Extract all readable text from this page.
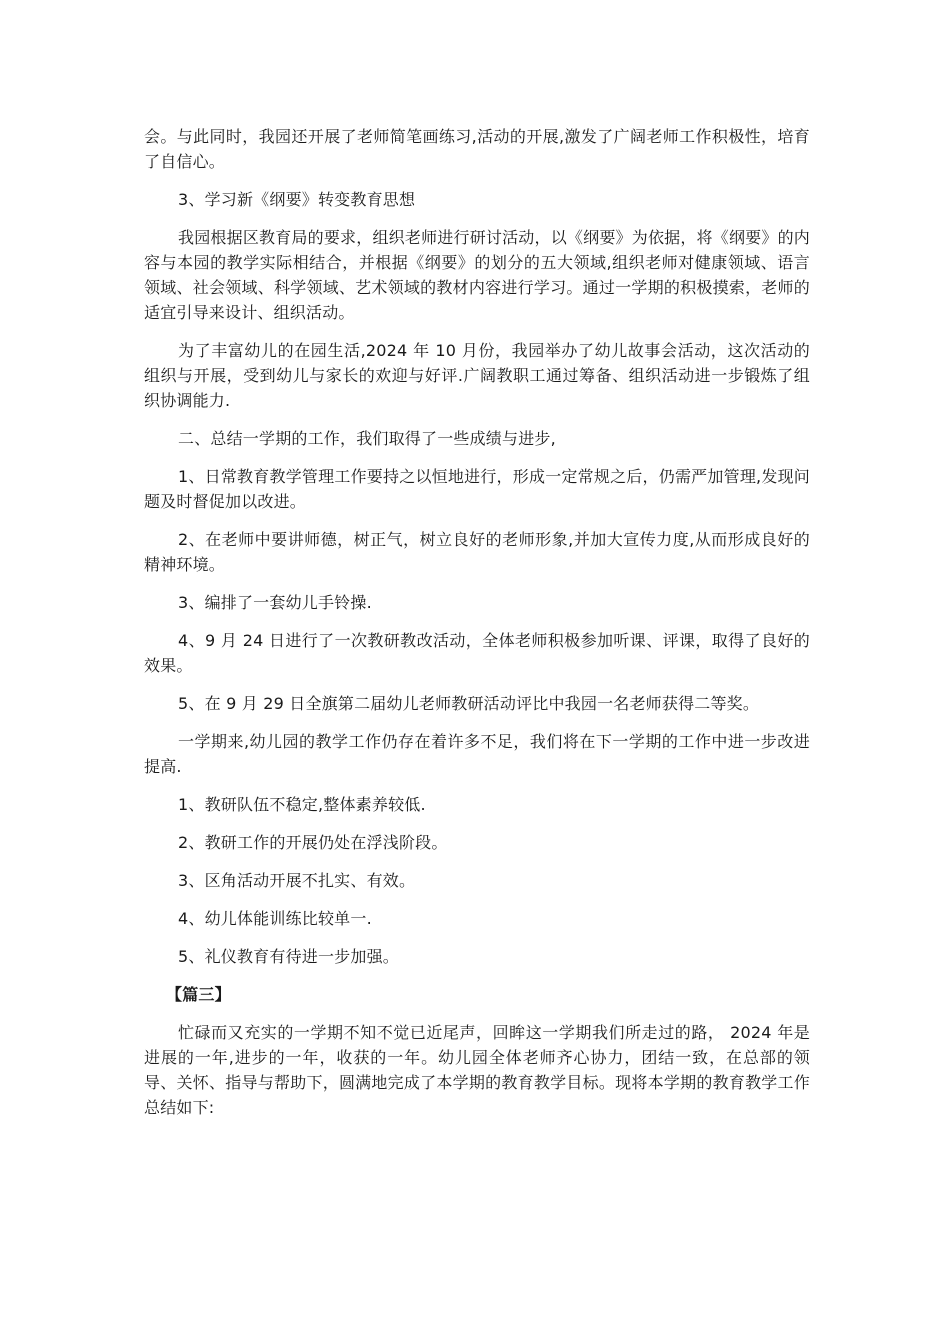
会。与此同时，我园还开展了老师简笔画练习,活动的开展,激发了广阔老师工作积极性，培育了自信心。

3、学习新《纲要》转变教育思想

我园根据区教育局的要求，组织老师进行研讨活动，以《纲要》为依据，将《纲要》的内容与本园的教学实际相结合，并根据《纲要》的划分的五大领域,组织老师对健康领域、语言领域、社会领域、科学领域、艺术领域的教材内容进行学习。通过一学期的积极摸索，老师的适宜引导来设计、组织活动。

为了丰富幼儿的在园生活,2024 年 10 月份，我园举办了幼儿故事会活动，这次活动的组织与开展，受到幼儿与家长的欢迎与好评.广阔教职工通过筹备、组织活动进一步锻炼了组织协调能力.

二、总结一学期的工作，我们取得了一些成绩与进步,

1、日常教育教学管理工作要持之以恒地进行，形成一定常规之后，仍需严加管理,发现问题及时督促加以改进。

2、在老师中要讲师德，树正气，树立良好的老师形象,并加大宣传力度,从而形成良好的精神环境。

3、编排了一套幼儿手铃操.

4、9 月 24 日进行了一次教研教改活动，全体老师积极参加听课、评课，取得了良好的效果。

5、在 9 月 29 日全旗第二届幼儿老师教研活动评比中我园一名老师获得二等奖。

一学期来,幼儿园的教学工作仍存在着许多不足，我们将在下一学期的工作中进一步改进提高.

1、教研队伍不稳定,整体素养较低.

2、教研工作的开展仍处在浮浅阶段。

3、区角活动开展不扎实、有效。

4、幼儿体能训练比较单一.

5、礼仪教育有待进一步加强。

【篇三】

忙碌而又充实的一学期不知不觉已近尾声，回眸这一学期我们所走过的路， 2024 年是进展的一年,进步的一年，收获的一年。幼儿园全体老师齐心协力，团结一致，在总部的领导、关怀、指导与帮助下，圆满地完成了本学期的教育教学目标。现将本学期的教育教学工作总结如下:
